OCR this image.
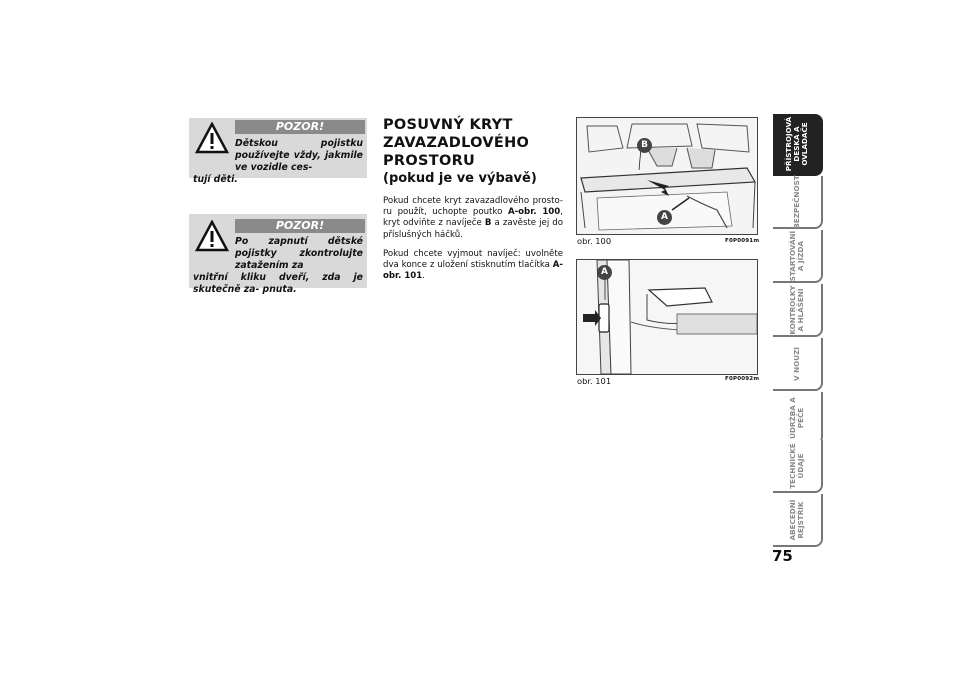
POZOR!
Dětskou pojistku používejte vždy, jakmile ve vozidle ces-
tují děti.
POZOR!
Po zapnutí dětské pojistky zkontrolujte zatažením za
vnitřní kliku dveří, zda je skutečně za- pnuta.
POSUVNÝ KRYT
ZAVAZADLOVÉHO
PROSTORU
(pokud je ve výbavě)
Pokud chcete kryt zavazadlového prosto- ru použít, uchopte poutko A-obr. 100, kryt odviňte z navíječe B a zavěste jej do příslušných háčků.
Pokud chcete vyjmout navíječ: uvolněte dva konce z uložení stisknutím tlačítka A- obr. 101.
B
A
obr. 100	F0P0091m
A
obr. 101	F0P0092m
PŘÍSTROJOVÁ
DESKA A
OVLADAČE
BEZPEČNOST
STARTOVÁNÍ
A JÍZDA
KONTROLKY
A HLÁŠENÍ
V NOUZI
ÚDRŽBA A
PÉČE
TECHNICKÉ
ÚDAJE
ABECEDNÍ
REJSTŘÍK
75
